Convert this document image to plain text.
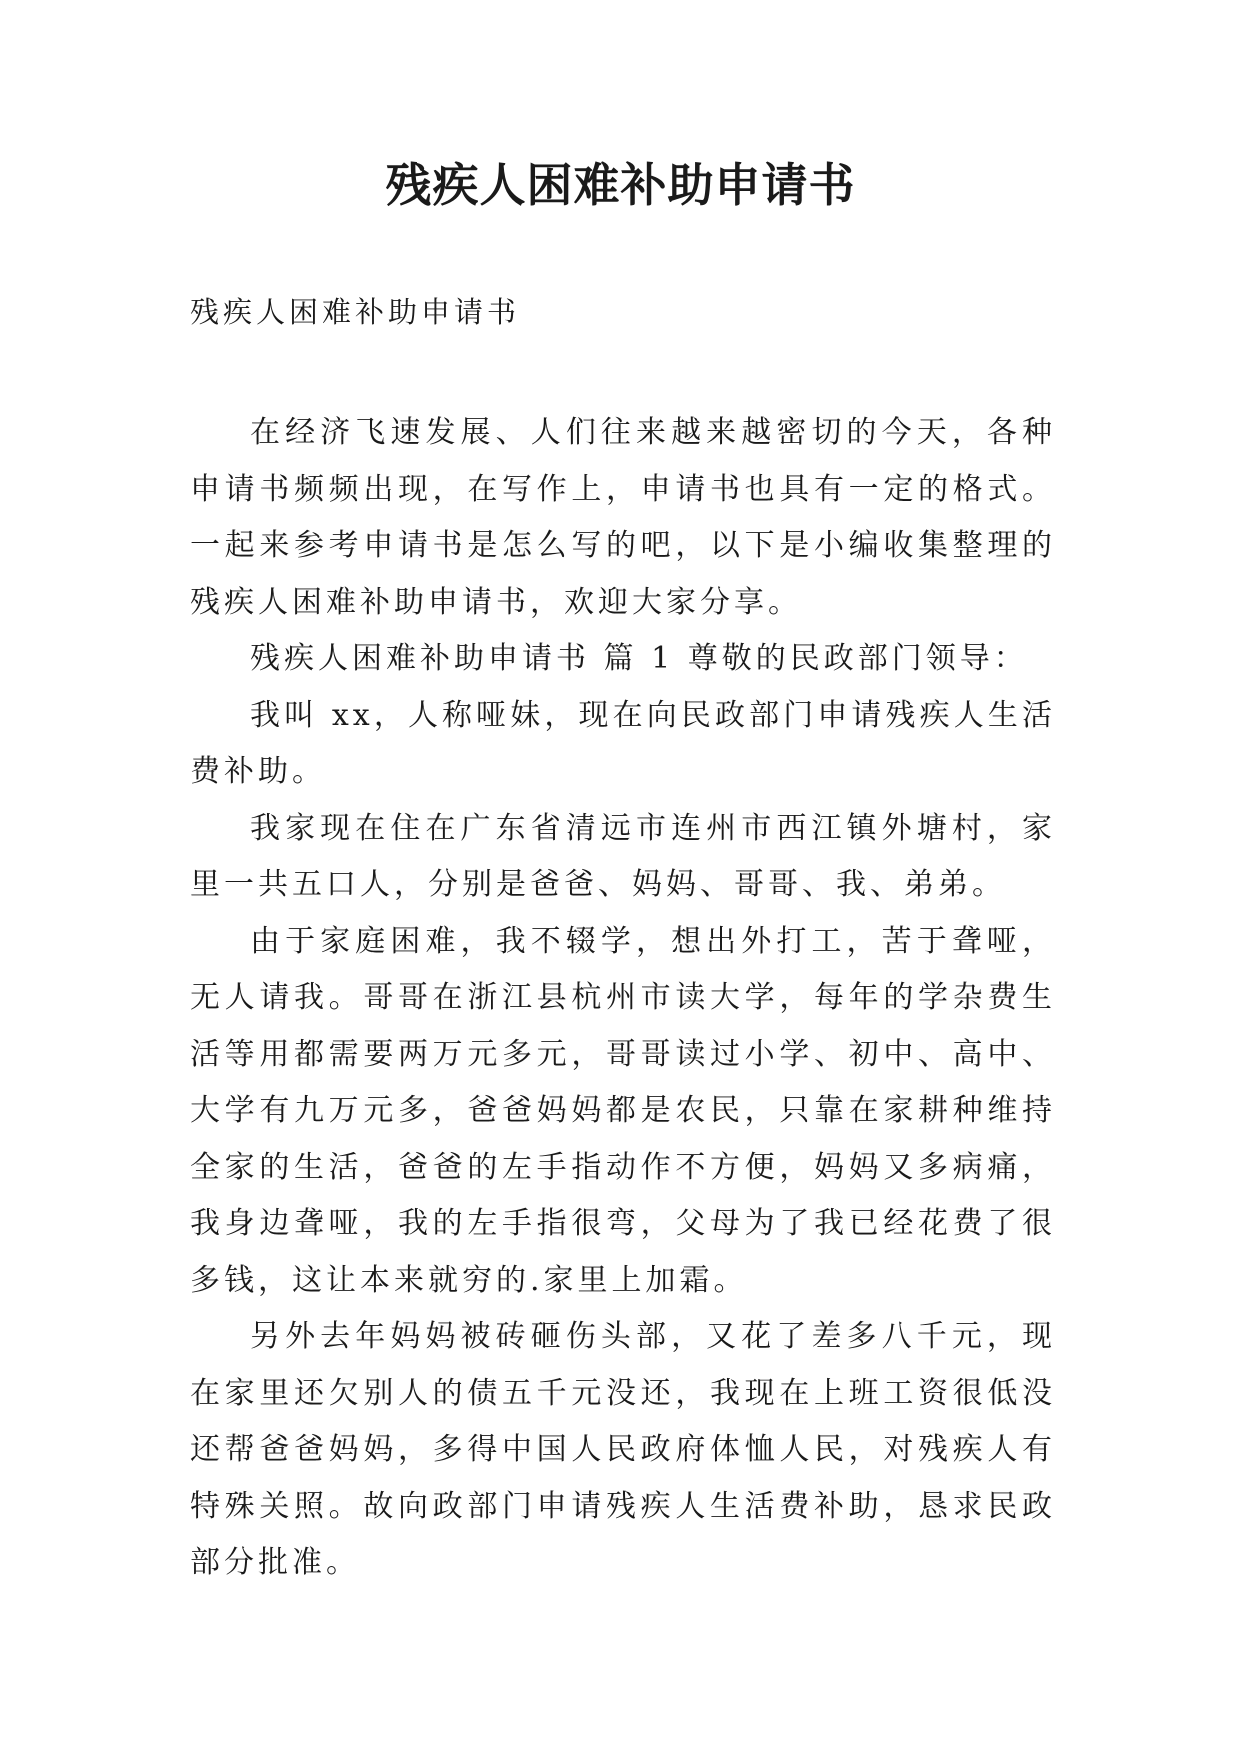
残疾人困难补助申请书
残疾人困难补助申请书

在经济飞速发展、人们往来越来越密切的今天，各种申请书频频出现，在写作上，申请书也具有一定的格式。一起来参考申请书是怎么写的吧，以下是小编收集整理的残疾人困难补助申请书，欢迎大家分享。

残疾人困难补助申请书 篇 1 尊敬的民政部门领导：

我叫 xx，人称哑妹，现在向民政部门申请残疾人生活费补助。

我家现在住在广东省清远市连州市西江镇外塘村，家里一共五口人，分别是爸爸、妈妈、哥哥、我、弟弟。

由于家庭困难，我不辍学，想出外打工，苦于聋哑，无人请我。哥哥在浙江县杭州市读大学，每年的学杂费生活等用都需要两万元多元，哥哥读过小学、初中、高中、大学有九万元多，爸爸妈妈都是农民，只靠在家耕种维持全家的生活，爸爸的左手指动作不方便，妈妈又多病痛，我身边聋哑，我的左手指很弯，父母为了我已经花费了很多钱，这让本来就穷的.家里上加霜。

另外去年妈妈被砖砸伤头部，又花了差多八千元，现在家里还欠别人的债五千元没还，我现在上班工资很低没还帮爸爸妈妈，多得中国人民政府体恤人民，对残疾人有特殊关照。故向政部门申请残疾人生活费补助，恳求民政部分批准。
